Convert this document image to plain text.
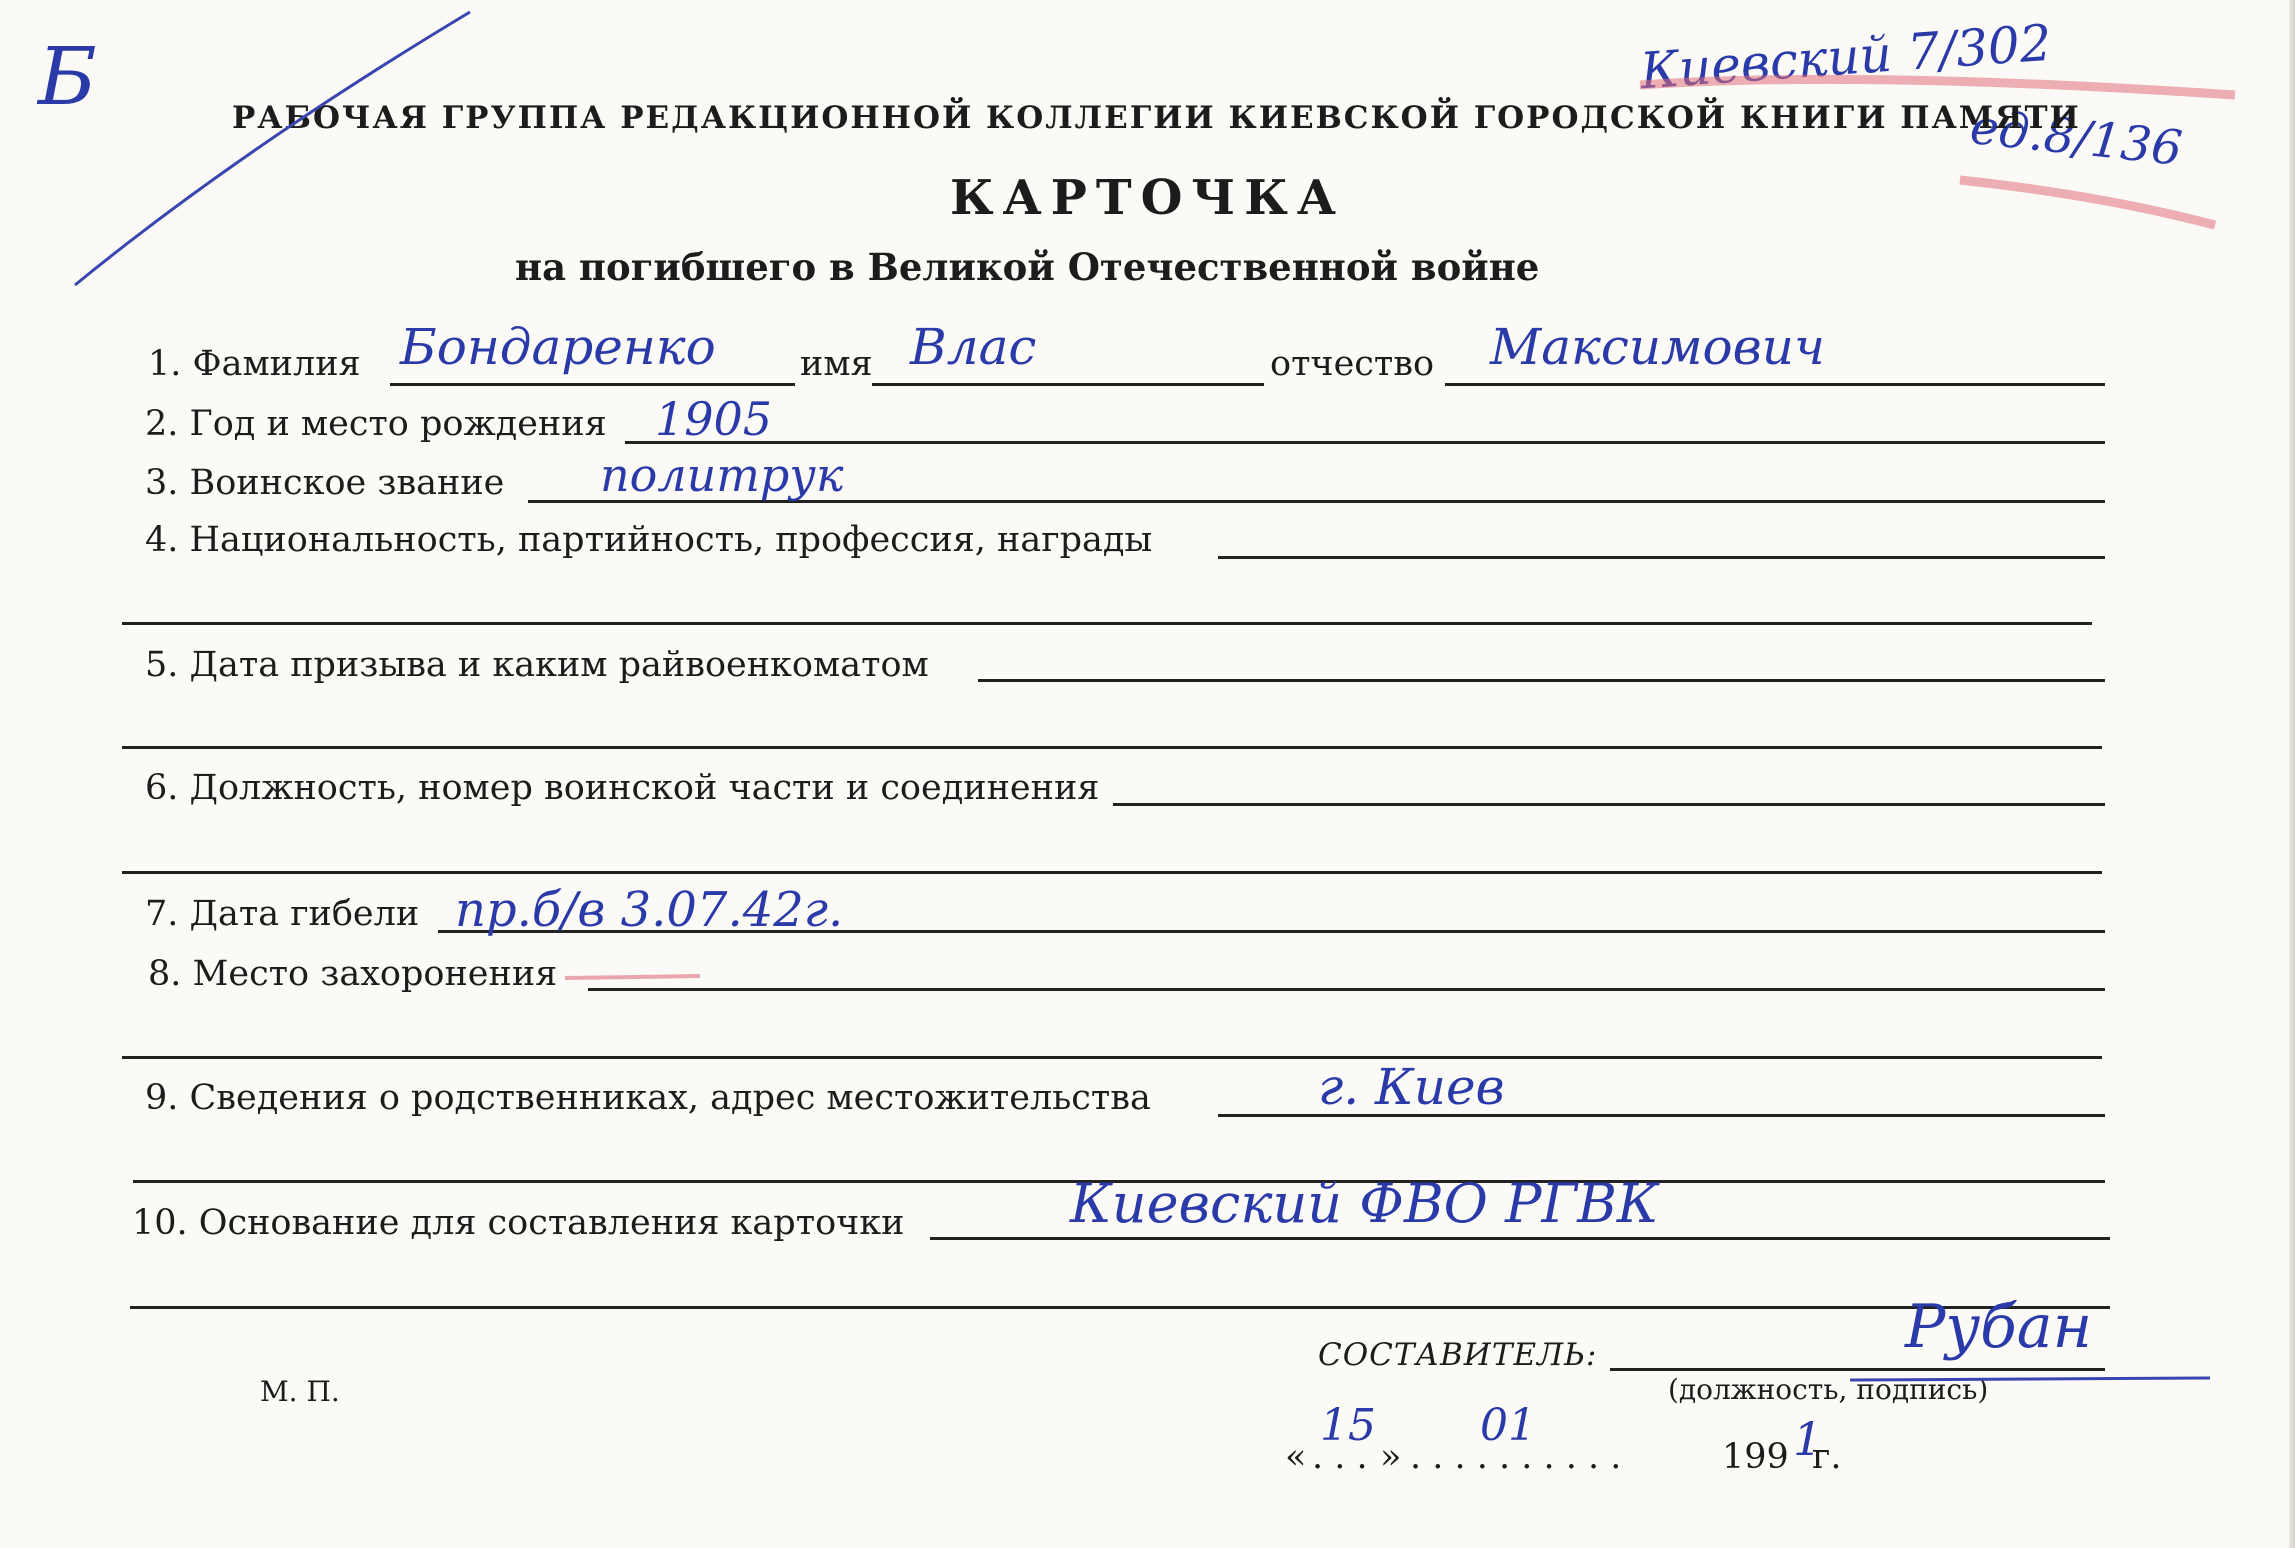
Б	Киевский 7/302
ед.8/136
РАБОЧАЯ ГРУППА РЕДАКЦИОННОЙ КОЛЛЕГИИ КИЕВСКОЙ ГОРОДСКОЙ КНИГИ ПАМЯТИ
КАРТОЧКА
на погибшего в Великой Отечественной войне
1. Фамилия Бондаренко имя Влас	отчество Максимович
2. Год и место рождения 1905
3. Воинское звание политрук
4. Национальность, партийность, профессия, награды
5. Дата призыва и каким райвоенкоматом
6. Должность, номер воинской части и соединения
7. Дата гибели пр.б/в 3.07.42г.
8. Место захоронения
9. Сведения о родственниках, адрес местожительства	г. Киев
10. Основание для составления карточки	Киевский ФВО РГВК
М. П.
СОСТАВИТЕЛЬ:	Рубан
(должность, подпись)
« . . .
15
» . . . . . . . . . .
01
199 1
г.
